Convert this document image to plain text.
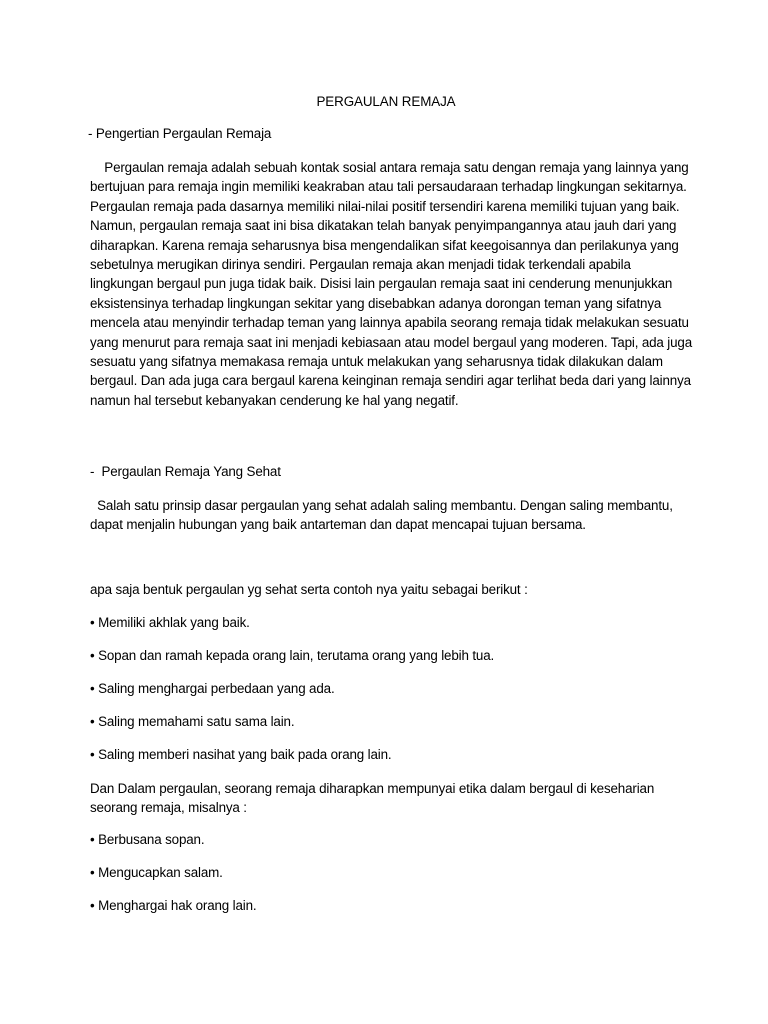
PERGAULAN REMAJA
- Pengertian Pergaulan Remaja
Pergaulan remaja adalah sebuah kontak sosial antara remaja satu dengan remaja yang lainnya yang
bertujuan para remaja ingin memiliki keakraban atau tali persaudaraan terhadap lingkungan sekitarnya.
Pergaulan remaja pada dasarnya memiliki nilai-nilai positif tersendiri karena memiliki tujuan yang baik.
Namun, pergaulan remaja saat ini bisa dikatakan telah banyak penyimpangannya atau jauh dari yang
diharapkan. Karena remaja seharusnya bisa mengendalikan sifat keegoisannya dan perilakunya yang
sebetulnya merugikan dirinya sendiri. Pergaulan remaja akan menjadi tidak terkendali apabila
lingkungan bergaul pun juga tidak baik. Disisi lain pergaulan remaja saat ini cenderung menunjukkan
eksistensinya terhadap lingkungan sekitar yang disebabkan adanya dorongan teman yang sifatnya
mencela atau menyindir terhadap teman yang lainnya apabila seorang remaja tidak melakukan sesuatu
yang menurut para remaja saat ini menjadi kebiasaan atau model bergaul yang moderen. Tapi, ada juga
sesuatu yang sifatnya memakasa remaja untuk melakukan yang seharusnya tidak dilakukan dalam
bergaul. Dan ada juga cara bergaul karena keinginan remaja sendiri agar terlihat beda dari yang lainnya
namun hal tersebut kebanyakan cenderung ke hal yang negatif.
-  Pergaulan Remaja Yang Sehat
Salah satu prinsip dasar pergaulan yang sehat adalah saling membantu. Dengan saling membantu,
dapat menjalin hubungan yang baik antarteman dan dapat mencapai tujuan bersama.
apa saja bentuk pergaulan yg sehat serta contoh nya yaitu sebagai berikut :
• Memiliki akhlak yang baik.
• Sopan dan ramah kepada orang lain, terutama orang yang lebih tua.
• Saling menghargai perbedaan yang ada.
• Saling memahami satu sama lain.
• Saling memberi nasihat yang baik pada orang lain.
Dan Dalam pergaulan, seorang remaja diharapkan mempunyai etika dalam bergaul di keseharian
seorang remaja, misalnya :
• Berbusana sopan.
• Mengucapkan salam.
• Menghargai hak orang lain.
